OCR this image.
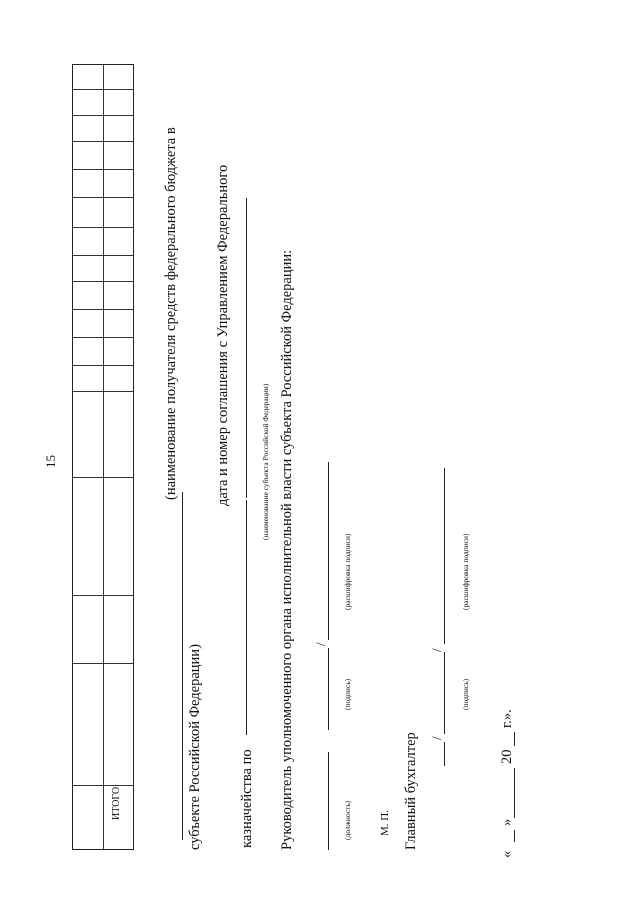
15
ИТОГО	субъекте Российской Федерации)
(наименование получателя средств федерального бюджета в
казначейства по
дата и номер соглашения с Управлением Федерального	(наименование субъекта Российской Федерации) Руководитель уполномоченного органа исполнительной власти субъекта Российской Федерации: /
(должность)
(подпись)
(расшифровка подписи)
М. П. Главный бухгалтер /
/
(подпись)
(расшифровка подписи)
«
»
20
г.».
